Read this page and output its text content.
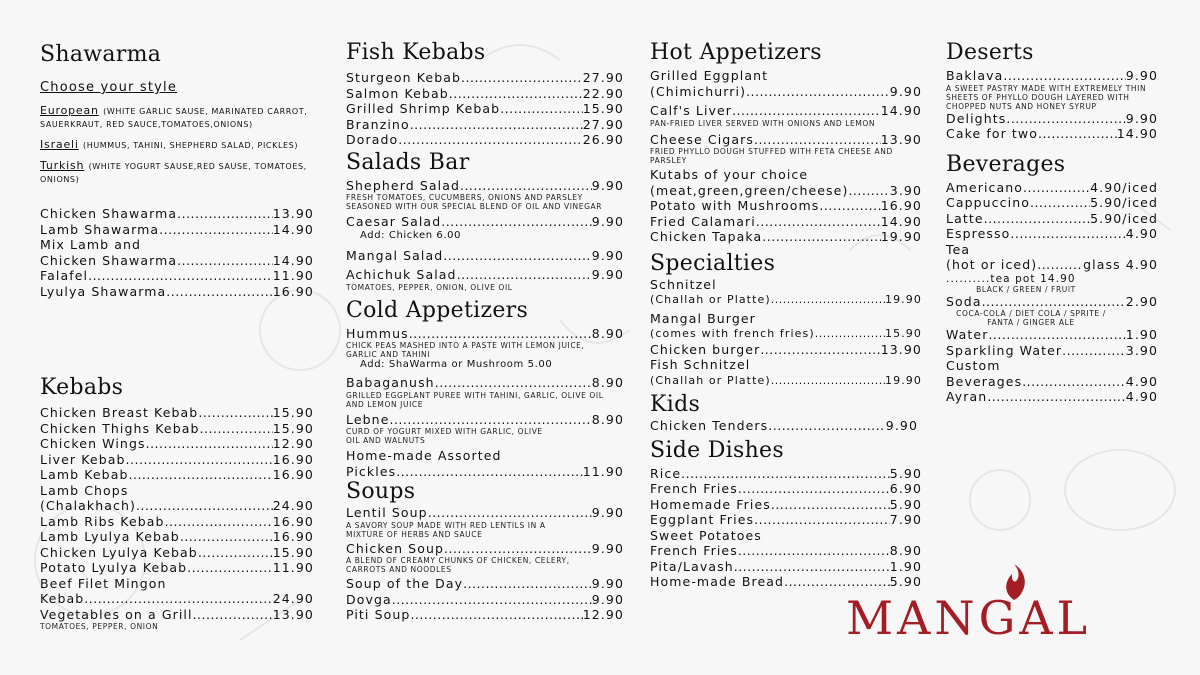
Shawarma
Choose your style
European (WHITE GARLIC SAUSE, MARINATED CARROT, SAUERKRAUT, RED SAUCE,TOMATOES,ONIONS)
Israeli (HUMMUS, TAHINI, SHEPHERD SALAD, PICKLES)
Turkish (WHITE YOGURT SAUSE,RED SAUSE, TOMATOES, ONIONS)
Chicken Shawarma .....	13.90
Lamb Shawarma .....	14.90
Mix Lamb and
Chicken Shawarma .....	14.90
Falafel .....	11.90
Lyulya Shawarma .....	16.90
Kebabs
Chicken Breast Kebab .....	15.90
Chicken Thighs Kebab .....	15.90
Chicken Wings .....	12.90
Liver Kebab .....	16.90
Lamb Kebab .....	16.90
Lamb Chops
(Chalakhach) .....	24.90
Lamb Ribs Kebab .....	16.90
Lamb Lyulya Kebab .....	16.90
Chicken Lyulya Kebab .....	15.90
Potato Lyulya Kebab .....	11.90
Beef Filet Mingon
Kebab .....	24.90
Vegetables on a Grill .....	13.90
TOMATOES, PEPPER, ONION
Fish Kebabs
Sturgeon Kebab .....	27.90
Salmon Kebab .....	22.90
Grilled Shrimp Kebab .....	15.90
Branzino .....	27.90
Dorado .....	26.90
Salads Bar
Shepherd Salad .....	9.90
FRESH TOMATOES, CUCUMBERS, ONIONS AND PARSLEY SEASONED WITH OUR SPECIAL BLEND OF OIL AND VINEGAR
Caesar Salad .....	9.90
Add: Chicken 6.00
Mangal Salad .....	9.90
Achichuk Salad .....	9.90
TOMATOES, PEPPER, ONION, OLIVE OIL
Cold Appetizers
Hummus .....	8.90
CHICK PEAS MASHED INTO A PASTE WITH LEMON JUICE, GARLIC AND TAHINI
Add: ShaWarma or Mushroom 5.00
Babaganush .....	8.90
GRILLED EGGPLANT PUREE WITH TAHINI, GARLIC, OLIVE OIL AND LEMON JUICE
Lebne .....	8.90
CURD OF YOGURT MIXED WITH GARLIC, OLIVE OIL AND WALNUTS
Home-made Assorted
Pickles .....	11.90
Soups
Lentil Soup .....	9.90
A SAVORY SOUP MADE WITH RED LENTILS IN A MIXTURE OF HERBS AND SAUCE
Chicken Soup .....	9.90
A BLEND OF CREAMY CHUNKS OF CHICKEN, CELERY, CARROTS AND NOODLES
Soup of the Day .....	9.90
Dovga .....	9.90
Piti Soup .....	12.90
Hot Appetizers
Grilled Eggplant
(Chimichurri) .....	9.90
Calf's Liver .....	14.90
PAN-FRIED LIVER SERVED WITH ONIONS AND LEMON
Cheese Cigars .....	13.90
FRIED PHYLLO DOUGH STUFFED WITH FETA CHEESE AND PARSLEY
Kutabs of your choice
(meat,green,green/cheese) .....	3.90
Potato with Mushrooms .....	16.90
Fried Calamari .....	14.90
Chicken Tapaka .....	19.90
Specialties
Schnitzel
(Challah or Platte) .....	19.90
Mangal Burger
(comes with french fries) .....	15.90
Chicken burger .....	13.90
Fish Schnitzel
(Challah or Platte) .....	19.90
Kids
Chicken Tenders .....	9.90
Side Dishes
Rice .....	5.90
French Fries .....	6.90
Homemade Fries .....	5.90
Eggplant Fries .....	7.90
Sweet Potatoes
French Fries .....	8.90
Pita/Lavash .....	1.90
Home-made Bread .....	5.90
Deserts
Baklava .....	9.90
A SWEET PASTRY MADE WITH EXTREMELY THIN SHEETS OF PHYLLO DOUGH LAYERED WITH CHOPPED NUTS AND HONEY SYRUP
Delights .....	9.90
Cake for two .....	14.90
Beverages
Americano .....	4.90/iced
Cappuccino .....	5.90/iced
Latte .....	5.90/iced
Espresso .....	4.90
Tea
(hot or iced) .....	glass 4.90
..........tea pot 14.90
BLACK / GREEN / FRUIT
Soda .....	2.90
COCA-COLA / DIET COLA / SPRITE / FANTA / GINGER ALE
Water .....	1.90
Sparkling Water .....	3.90
Custom
Beverages .....	4.90
Ayran .....	4.90
MANGAL
